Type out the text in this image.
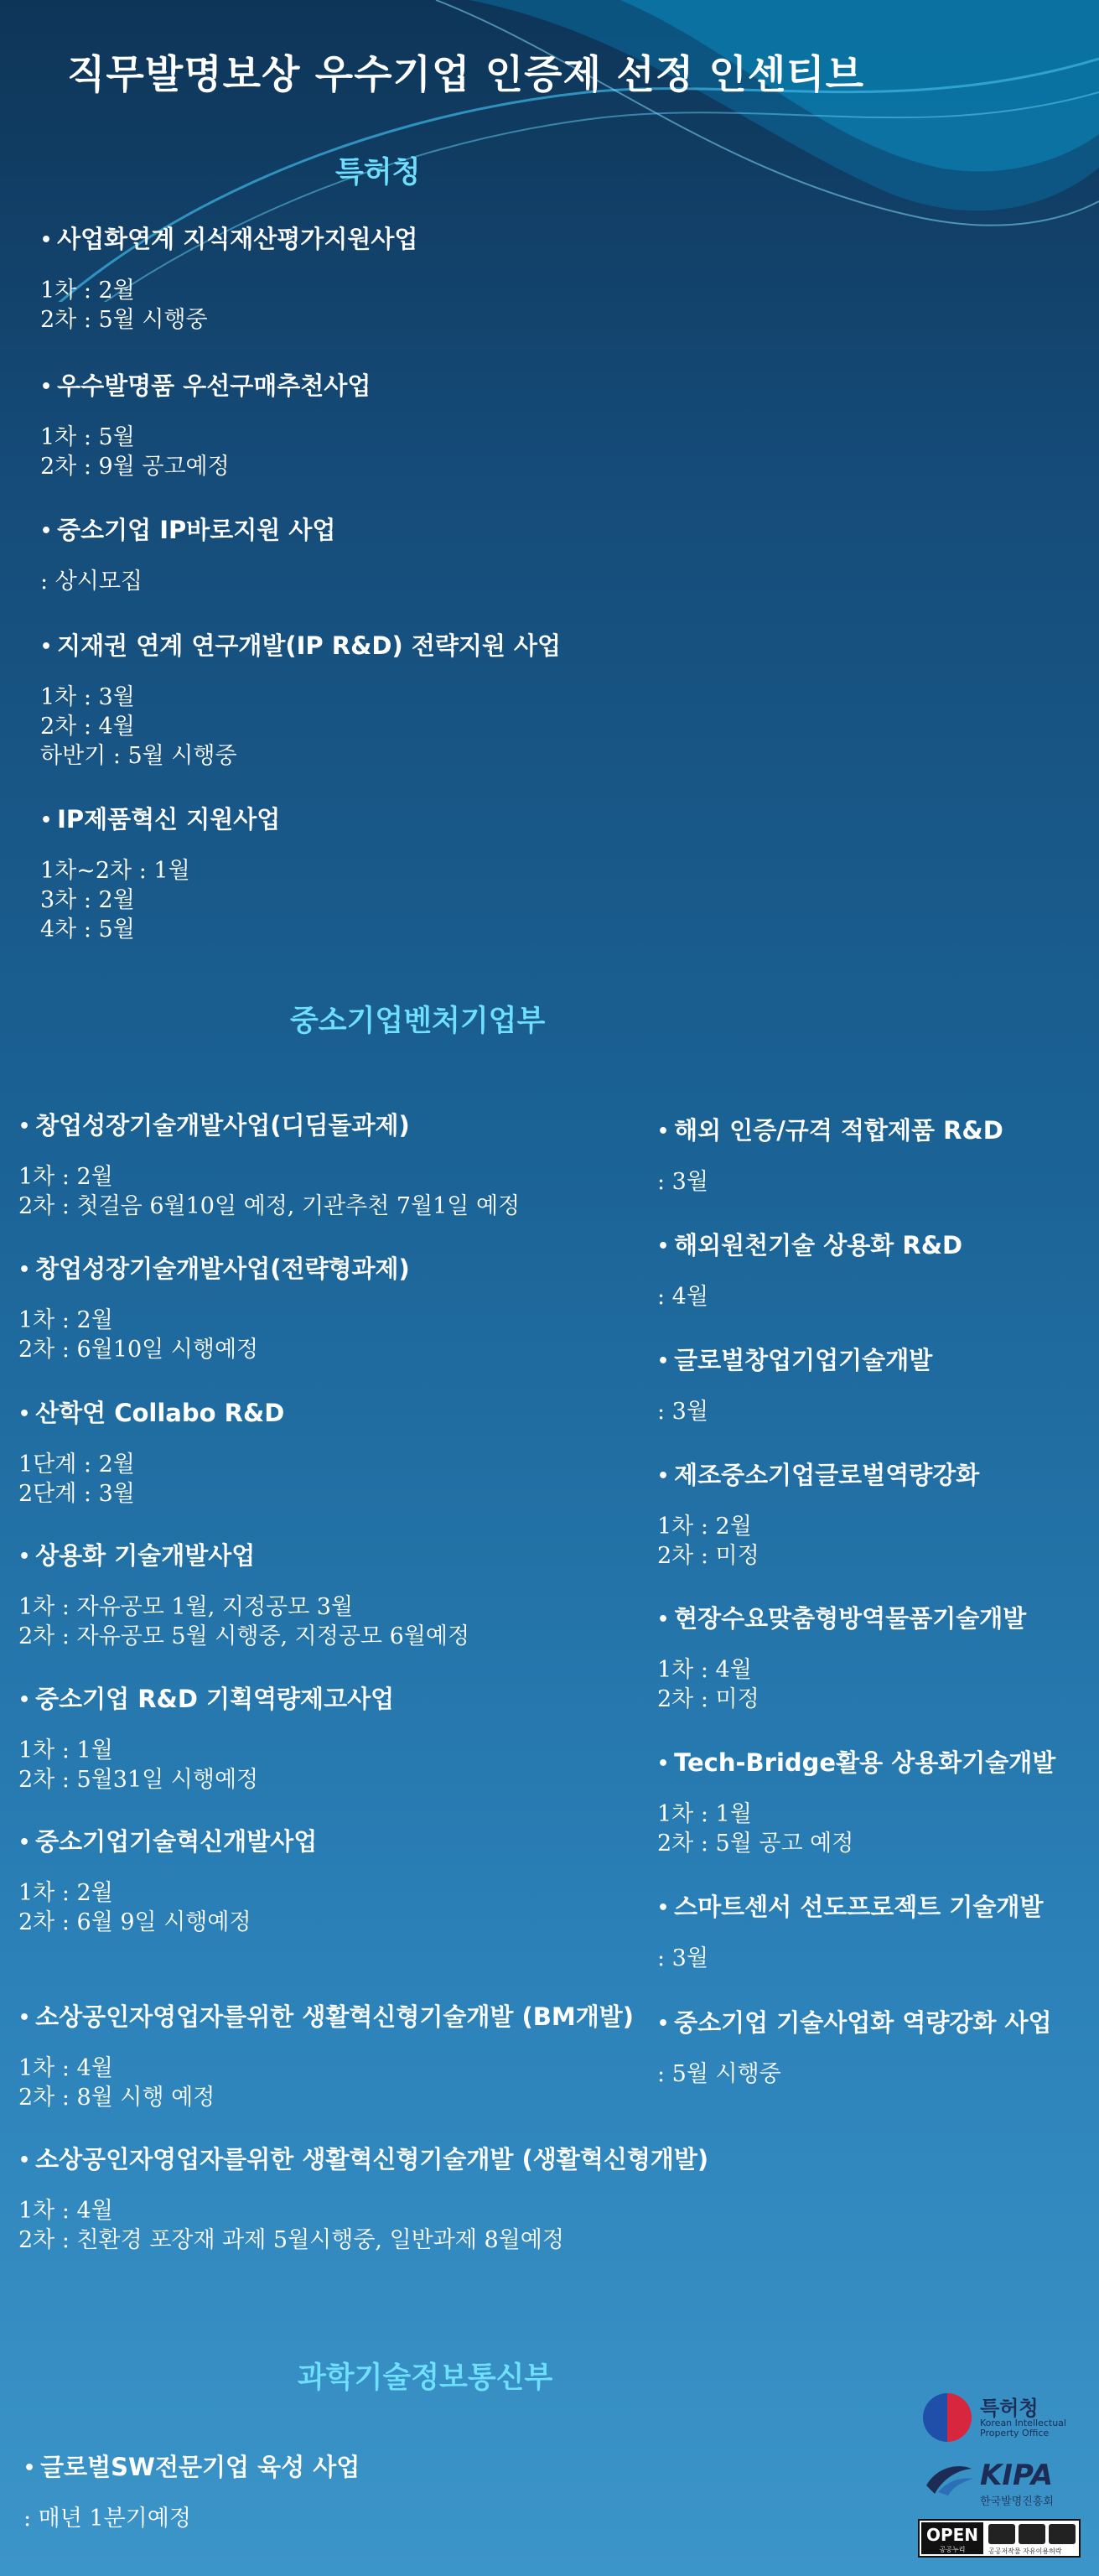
직무발명보상 우수기업 인증제 선정 인센티브
특허청
• 사업화연계 지식재산평가지원사업
1차 : 2월
2차 : 5월 시행중
• 우수발명품 우선구매추천사업
1차 : 5월
2차 : 9월 공고예정
• 중소기업 IP바로지원 사업
: 상시모집
• 지재권 연계 연구개발(IP R&D) 전략지원 사업
1차 : 3월
2차 : 4월
하반기 : 5월 시행중
• IP제품혁신 지원사업
1차~2차 : 1월
3차 : 2월
4차 : 5월
중소기업벤처기업부
• 창업성장기술개발사업(디딤돌과제)
1차 : 2월
2차 : 첫걸음 6월10일 예정, 기관추천 7월1일 예정
• 창업성장기술개발사업(전략형과제)
1차 : 2월
2차 : 6월10일 시행예정
• 산학연 Collabo R&D
1단계 : 2월
2단계 : 3월
• 상용화 기술개발사업
1차 : 자유공모 1월, 지정공모 3월
2차 : 자유공모 5월 시행중, 지정공모 6월예정
• 중소기업 R&D 기획역량제고사업
1차 : 1월
2차 : 5월31일 시행예정
• 중소기업기술혁신개발사업
1차 : 2월
2차 : 6월 9일 시행예정
• 소상공인자영업자를위한 생활혁신형기술개발 (BM개발)
1차 : 4월
2차 : 8월 시행 예정
• 소상공인자영업자를위한 생활혁신형기술개발 (생활혁신형개발)
1차 : 4월
2차 : 친환경 포장재 과제 5월시행중, 일반과제 8월예정
• 해외 인증/규격 적합제품 R&D
: 3월
• 해외원천기술 상용화 R&D
: 4월
• 글로벌창업기업기술개발
: 3월
• 제조중소기업글로벌역량강화
1차 : 2월
2차 : 미정
• 현장수요맞춤형방역물품기술개발
1차 : 4월
2차 : 미정
• Tech-Bridge활용 상용화기술개발
1차 : 1월
2차 : 5월 공고 예정
• 스마트센서 선도프로젝트 기술개발
: 3월
• 중소기업 기술사업화 역량강화 사업
: 5월 시행중
과학기술정보통신부
• 글로벌SW전문기업 육성 사업
: 매년 1분기예정
특허청
Korean Intellectual Property Office
KIPA
한국발명진흥회
OPEN
공공누리	공공저작물 자유이용허락
